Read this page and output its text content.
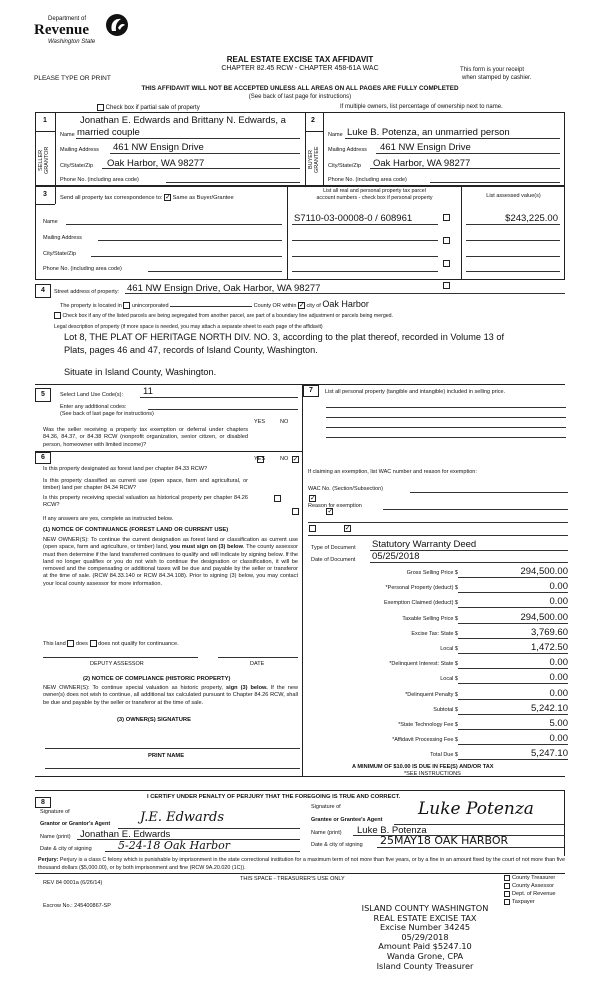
Department of
Revenue
Washington State
PLEASE TYPE OR PRINT
REAL ESTATE EXCISE TAX AFFIDAVIT
CHAPTER 82.45 RCW - CHAPTER 458-61A WAC	This form is your receipt
when stamped by cashier.
THIS AFFIDAVIT WILL NOT BE ACCEPTED UNLESS ALL AREAS ON ALL PAGES ARE FULLY COMPLETED
(See back of last page for instructions)
Check box if partial sale of property	If multiple owners, list percentage of ownership next to name.
1	2
SELLER GRANTOR	BUYER GRANTEE
Jonathan E. Edwards and Brittany N. Edwards, a
Name married couple
Mailing Address 461 NW Ensign Drive
City/State/Zip Oak Harbor, WA 98277
Phone No. (including area code)
Name Luke B. Potenza, an unmarried person
Mailing Address 461 NW Ensign Drive
City/State/Zip Oak Harbor, WA 98277
Phone No. (including area code)
3 Send all property tax correspondence to: ✓ Same as Buyer/Grantee
List all real and personal property tax parcel
account numbers - check box if personal property	List assessed value(s)
Name
Mailing Address
City/State/Zip
Phone No. (including area code)
S7110-03-00008-0 / 608961	$243,225.00
4	Street address of property: 461 NW Ensign Drive, Oak Harbor, WA 98277
The property is located in unincorporated	County OR within ✓ city of Oak Harbor
Check box if any of the listed parcels are being segregated from another parcel, are part of a boundary line adjustment or parcels being merged.
Legal description of property (if more space is needed, you may attach a separate sheet to each page of the affidavit)
Lot 8, THE PLAT OF HERITAGE NORTH DIV. NO. 3, according to the plat thereof, recorded in Volume 13 of
Plats, pages 46 and 47, records of Island County, Washington.
Situate in Island County, Washington.
5	Select Land Use Code(s): 11
Enter any additional codes:
(See back of last page for instructions)
YES	NO
Was the seller receiving a property tax exemption or deferral under chapters 84.36, 84.37, or 84.38 RCW (nonprofit organization, senior citizen, or disabled person, homeowner with limited income)?
✓
6	YES	NO
Is this property designated as forest land per chapter 84.33 RCW?
✓
Is this property classified as current use (open space, farm and agricultural, or timber) land per chapter 84.34 RCW?
✓
Is this property receiving special valuation as historical property per chapter 84.26 RCW?
✓
If any answers are yes, complete as instructed below.
(1) NOTICE OF CONTINUANCE (FOREST LAND OR CURRENT USE)
NEW OWNER(S): To continue the current designation as forest land or classification as current use (open space, farm and agriculture, or timber) land, you must sign on (3) below. The county assessor must then determine if the land transferred continues to qualify and will indicate by signing below. If the land no longer qualifies or you do not wish to continue the designation or classification, it will be removed and the compensating or additional taxes will be due and payable by the seller or transferor at the time of sale. (RCW 84.33.140 or RCW 84.34.108). Prior to signing (3) below, you may contact your local county assessor for more information.
This land does does not qualify for continuance.
DEPUTY ASSESSOR	DATE
(2) NOTICE OF COMPLIANCE (HISTORIC PROPERTY)
NEW OWNER(S): To continue special valuation as historic property, sign (3) below. If the new owner(s) does not wish to continue, all additional tax calculated pursuant to Chapter 84.26 RCW, shall be due and payable by the seller or transferor at the time of sale.
(3) OWNER(S) SIGNATURE
PRINT NAME
7	List all personal property (tangible and intangible) included in selling price.
If claiming an exemption, list WAC number and reason for exemption:
WAC No. (Section/Subsection)
Reason for exemption
Type of Document Statutory Warranty Deed
Date of Document 05/25/2018
Gross Selling Price $	294,500.00
*Personal Property (deduct) $	0.00
Exemption Claimed (deduct) $	0.00
Taxable Selling Price $	294,500.00
Excise Tax: State $	3,769.60
Local $	1,472.50
*Delinquent Interest: State $	0.00
Local $	0.00
*Delinquent Penalty $	0.00
Subtotal $	5,242.10
*State Technology Fee $	5.00
*Affidavit Processing Fee $	0.00
Total Due $	5,247.10
A MINIMUM OF $10.00 IS DUE IN FEE(S) AND/OR TAX
*SEE INSTRUCTIONS
8
I CERTIFY UNDER PENALTY OF PERJURY THAT THE FOREGOING IS TRUE AND CORRECT.
Signature of
Grantor or Grantor's Agent J.E. Edwards
Name (print) Jonathan E. Edwards
Date & city of signing 5-24-18 Oak Harbor
Signature of
Grantee or Grantee's Agent
Luke Potenza
Name (print) Luke B. Potenza
Date & city of signing 25MAY18 OAK HARBOR
Perjury: Perjury is a class C felony which is punishable by imprisonment in the state correctional institution for a maximum term of not more than five years, or by a fine in an amount fixed by the court of not more than five thousand dollars ($5,000.00), or by both imprisonment and fine (RCW 9A.20.020 (1C)).
REV 84 0001a (6/26/14)
THIS SPACE - TREASURER'S USE ONLY
Escrow No.: 245400867-SP
County Treasurer
County Assessor
Dept. of Revenue
Taxpayer
ISLAND COUNTY WASHINGTON
REAL ESTATE EXCISE TAX
Excise Number 34245
05/29/2018
Amount Paid $5247.10
Wanda Grone, CPA
Island County Treasurer
